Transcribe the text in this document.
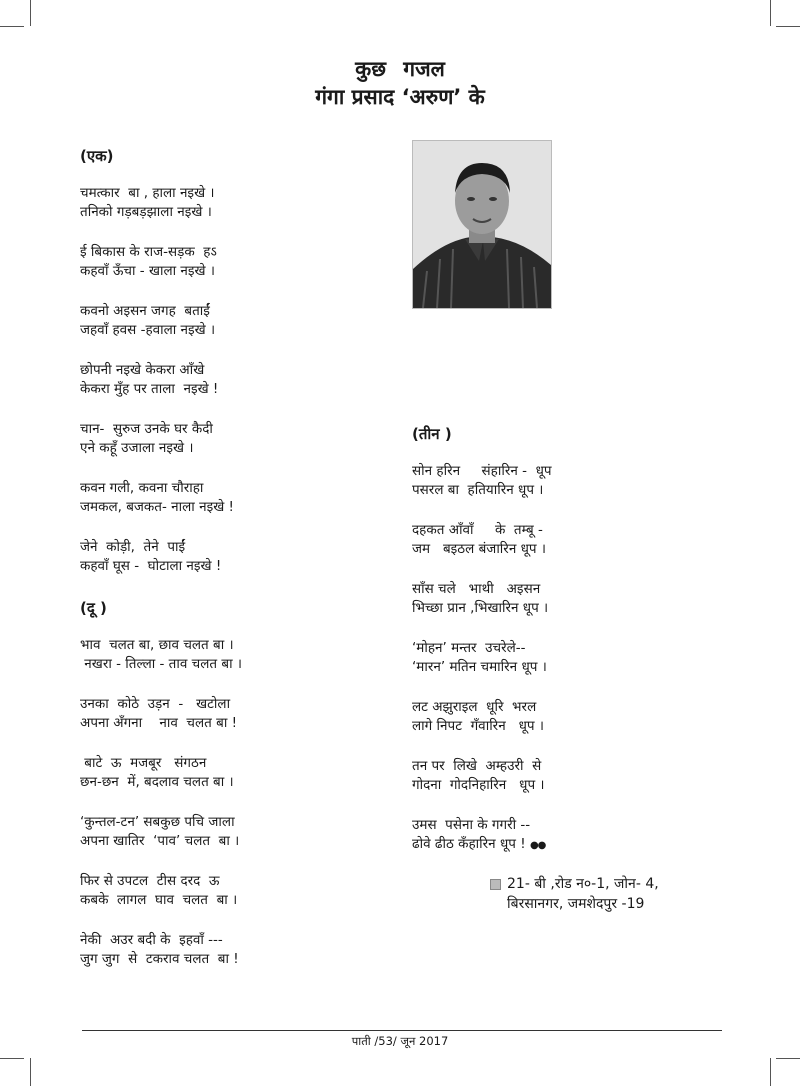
कुछ गजल
गंगा प्रसाद ‘अरुण’ के

(एक)

चमत्कार  बा , हाला नइखे ।

तनिको गड़बड़झाला नइखे ।

ई बिकास के राज-सड़क  हऽ

कहवाँ ऊँचा - खाला नइखे ।

कवनो अइसन जगह  बताईं

जहवाँ हवस -हवाला नइखे ।

छोपनी नइखे केकरा आँखे

केकरा मुँह पर ताला  नइखे !

चान-  सुरुज उनके घर कैदी

एने कहूँ उजाला नइखे ।

कवन गली, कवना चौराहा

जमकल, बजकत- नाला नइखे !

जेने  कोड़ी,  तेने  पाईं

कहवाँ घूस -  घोटाला नइखे !

(दू )

भाव  चलत बा, छाव चलत बा ।

नखरा - तिल्ला - ताव चलत बा ।

उनका  कोठे  उड़न  -   खटोला

अपना अँगना    नाव  चलत बा !

बाटे  ऊ  मजबूर   संगठन

छन-छन  में, बदलाव चलत बा ।

‘कुन्तल-टन’ सबकुछ पचि जाला

अपना खातिर  ‘पाव’ चलत  बा ।

फिर से उपटल  टीस दरद  ऊ

कबके  लागल  घाव  चलत  बा ।

नेकी  अउर बदी के  इहवाँ ---

जुग जुग  से  टकराव चलत  बा !

(तीन )

सोन हरिन     संहारिन -  धूप

पसरल बा  हतियारिन धूप ।

दहकत आँवाँ     के  तम्बू -

जम   बइठल बंजारिन धूप ।

साँस चले   भाथी   अइसन

भिच्छा प्रान ,भिखारिन धूप ।

‘मोहन’ मन्तर  उचरेले--

‘मारन’ मतिन चमारिन धूप ।

लट अझुराइल  धूरि  भरल

लागे निपट  गँवारिन   धूप ।

तन पर  लिखे  अम्हउरी  से

गोदना  गोदनिहारिन   धूप ।

उमस  पसेना के गगरी --

ढोवे ढीठ कँहारिन धूप ! ●●

21- बी ,रोड न०-1, जोन- 4,

बिरसानगर, जमशेदपुर -19

पाती /53/ जून 2017
